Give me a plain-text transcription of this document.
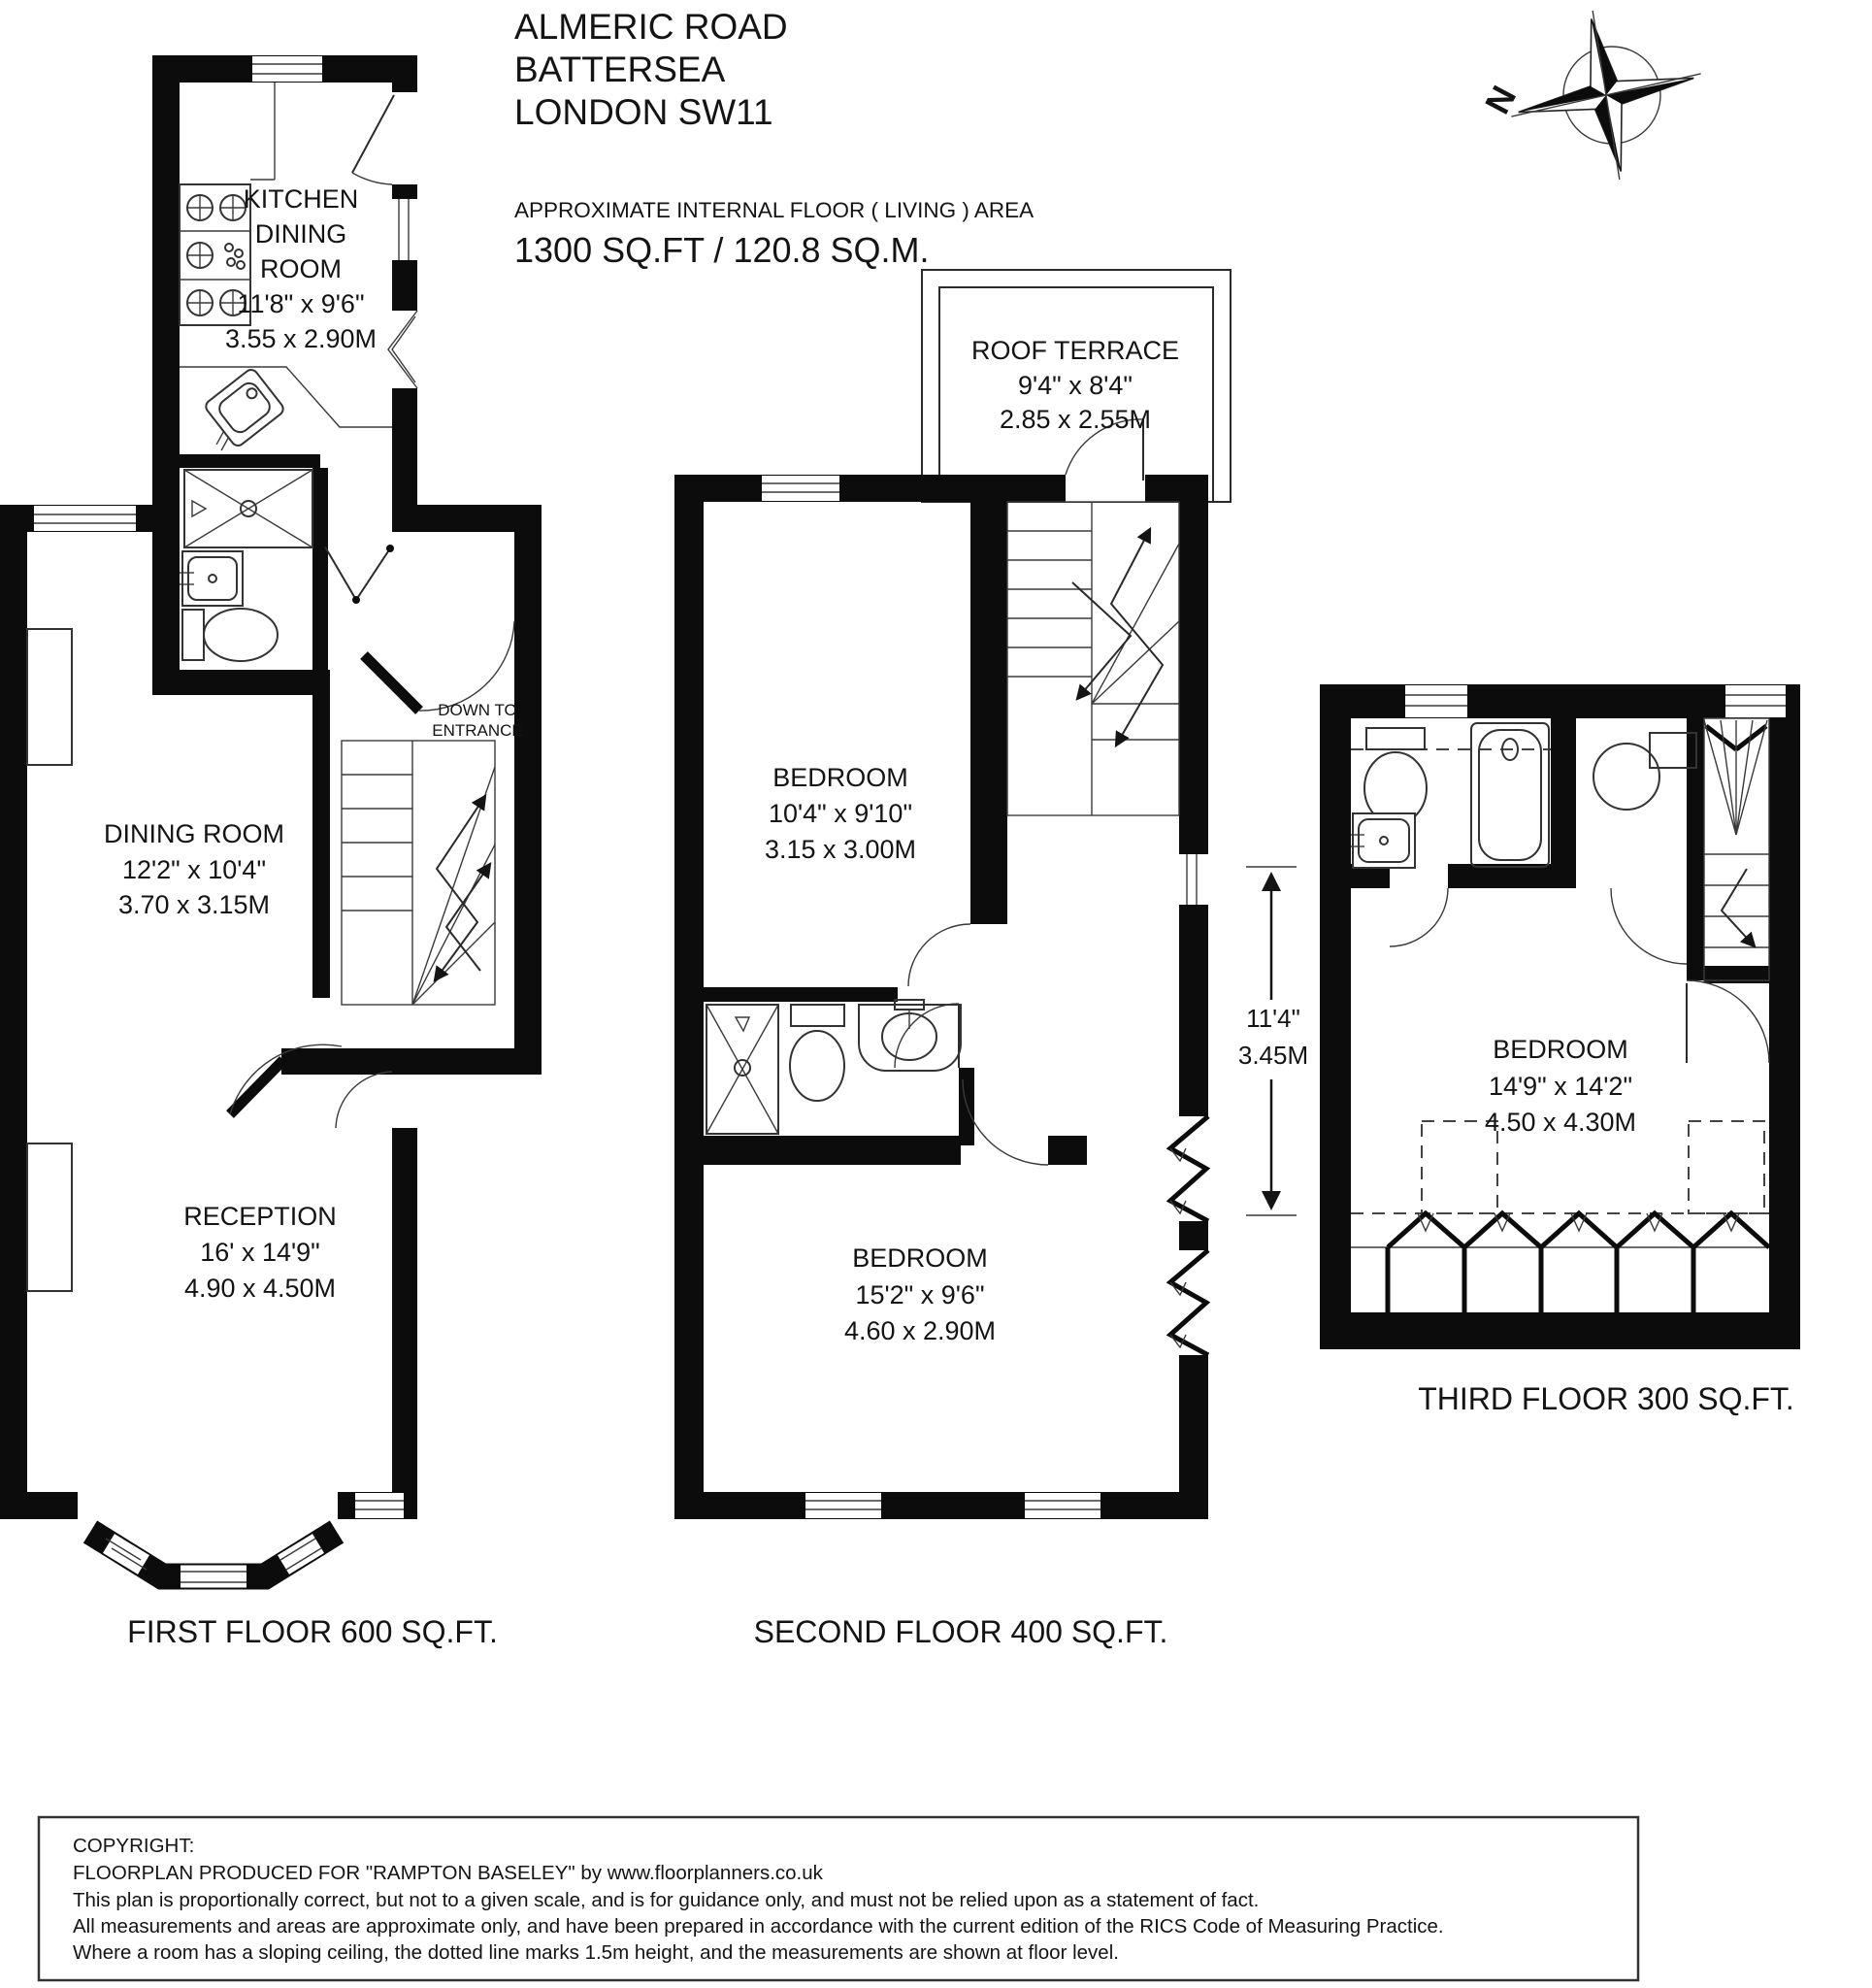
ALMERIC ROAD
BATTERSEA
LONDON SW11
APPROXIMATE INTERNAL FLOOR ( LIVING ) AREA
1300 SQ.FT / 120.8 SQ.M.
N
KITCHEN
DINING
ROOM
11'8" x 9'6"
3.55 x 2.90M
DOWN TO
ENTRANCE
DINING ROOM
12'2" x 10'4"
3.70 x 3.15M
RECEPTION
16' x 14'9"
4.90 x 4.50M
FIRST FLOOR 600 SQ.FT.
ROOF TERRACE
9'4" x 8'4"
2.85 x 2.55M
BEDROOM
10'4" x 9'10"
3.15 x 3.00M
BEDROOM
15'2" x 9'6"
4.60 x 2.90M
SECOND FLOOR 400 SQ.FT.
11'4"
3.45M	BEDROOM
14'9" x 14'2"
4.50 x 4.30M
THIRD FLOOR 300 SQ.FT.
COPYRIGHT:
FLOORPLAN PRODUCED FOR "RAMPTON BASELEY" by www.floorplanners.co.uk
This plan is proportionally correct, but not to a given scale, and is for guidance only, and must not be relied upon as a statement of fact.
All measurements and areas are approximate only, and have been prepared in accordance with the current edition of the RICS Code of Measuring Practice.
Where a room has a sloping ceiling, the dotted line marks 1.5m height, and the measurements are shown at floor level.
